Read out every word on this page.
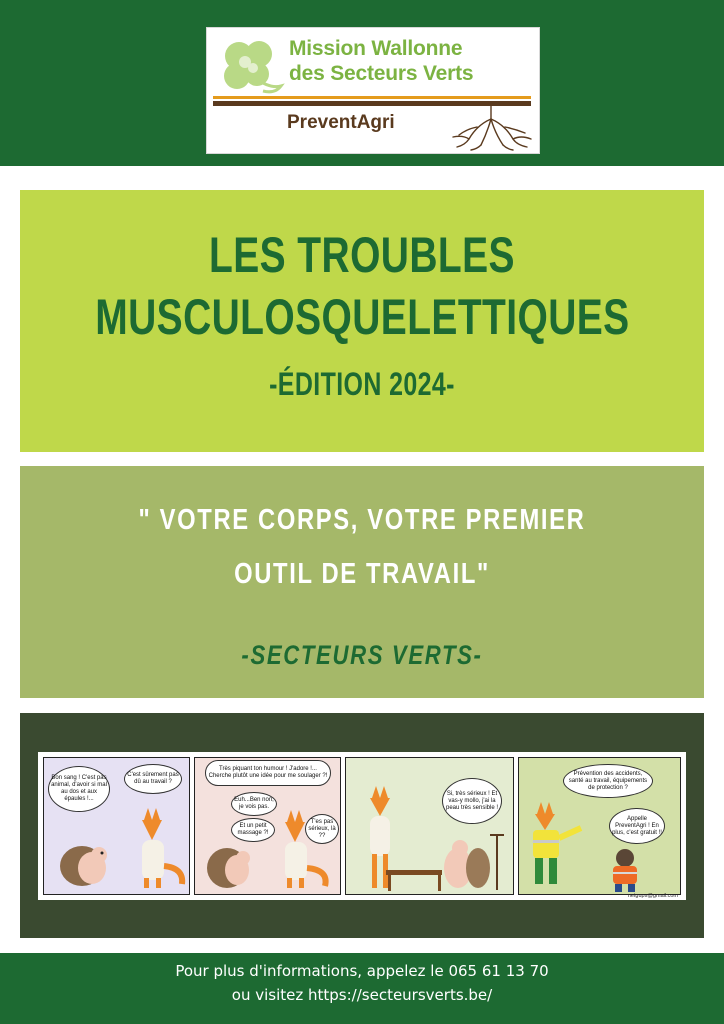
Mission Wallonne
des Secteurs Verts
PreventAgri
LES TROUBLES
MUSCULOSQUELETTIQUES
-ÉDITION 2024-
" VOTRE CORPS, VOTRE PREMIER
OUTIL DE TRAVAIL"
-SECTEURS VERTS-
Bon sang ! C'est pas animal, d'avoir si mal au dos et aux épaules !...
C'est sûrement pas dû au travail ?
Très piquant ton humour ! J'adore !... Cherche plutôt une idée pour me soulager ?!
Euh...Ben non, je vois pas.
Et un petit massage ?!
T'es pas sérieux, là ??
Si, très sérieux ! Et vas-y mollo, j'ai la peau très sensible !
Prévention des accidents, santé au travail, équipements de protection ?
Appelle PreventAgri ! En plus, c'est gratuit !!
netgups@gmail.com
Pour plus d'informations, appelez le 065 61 13 70
ou visitez https://secteursverts.be/
